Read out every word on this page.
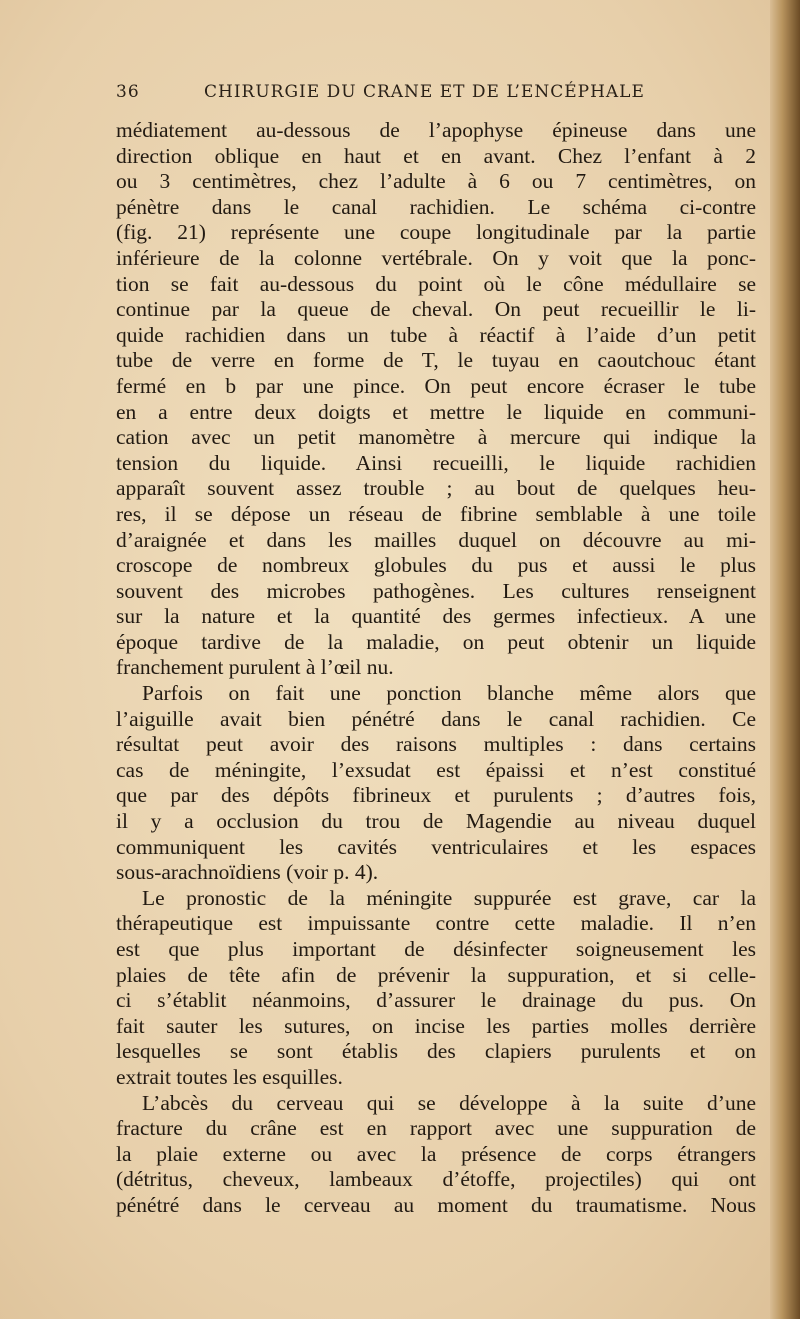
36	CHIRURGIE DU CRANE ET DE L’ENCÉPHALE
médiatement au-dessous de l’apophyse épineuse dans une
direction oblique en haut et en avant. Chez l’enfant à 2
ou 3 centimètres, chez l’adulte à 6 ou 7 centimètres, on
pénètre dans le canal rachidien. Le schéma ci-contre
(fig. 21) représente une coupe longitudinale par la partie
inférieure de la colonne vertébrale. On y voit que la ponc-
tion se fait au-dessous du point où le cône médullaire se
continue par la queue de cheval. On peut recueillir le li-
quide rachidien dans un tube à réactif à l’aide d’un petit
tube de verre en forme de T, le tuyau en caoutchouc étant
fermé en b par une pince. On peut encore écraser le tube
en a entre deux doigts et mettre le liquide en communi-
cation avec un petit manomètre à mercure qui indique la
tension du liquide. Ainsi recueilli, le liquide rachidien
apparaît souvent assez trouble ; au bout de quelques heu-
res, il se dépose un réseau de fibrine semblable à une toile
d’araignée et dans les mailles duquel on découvre au mi-
croscope de nombreux globules du pus et aussi le plus
souvent des microbes pathogènes. Les cultures renseignent
sur la nature et la quantité des germes infectieux. A une
époque tardive de la maladie, on peut obtenir un liquide
franchement purulent à l’œil nu.
Parfois on fait une ponction blanche même alors que
l’aiguille avait bien pénétré dans le canal rachidien. Ce
résultat peut avoir des raisons multiples : dans certains
cas de méningite, l’exsudat est épaissi et n’est constitué
que par des dépôts fibrineux et purulents ; d’autres fois,
il y a occlusion du trou de Magendie au niveau duquel
communiquent les cavités ventriculaires et les espaces
sous-arachnoïdiens (voir p. 4).
Le pronostic de la méningite suppurée est grave, car la
thérapeutique est impuissante contre cette maladie. Il n’en
est que plus important de désinfecter soigneusement les
plaies de tête afin de prévenir la suppuration, et si celle-
ci s’établit néanmoins, d’assurer le drainage du pus. On
fait sauter les sutures, on incise les parties molles derrière
lesquelles se sont établis des clapiers purulents et on
extrait toutes les esquilles.
L’abcès du cerveau qui se développe à la suite d’une
fracture du crâne est en rapport avec une suppuration de
la plaie externe ou avec la présence de corps étrangers
(détritus, cheveux, lambeaux d’étoffe, projectiles) qui ont
pénétré dans le cerveau au moment du traumatisme. Nous
